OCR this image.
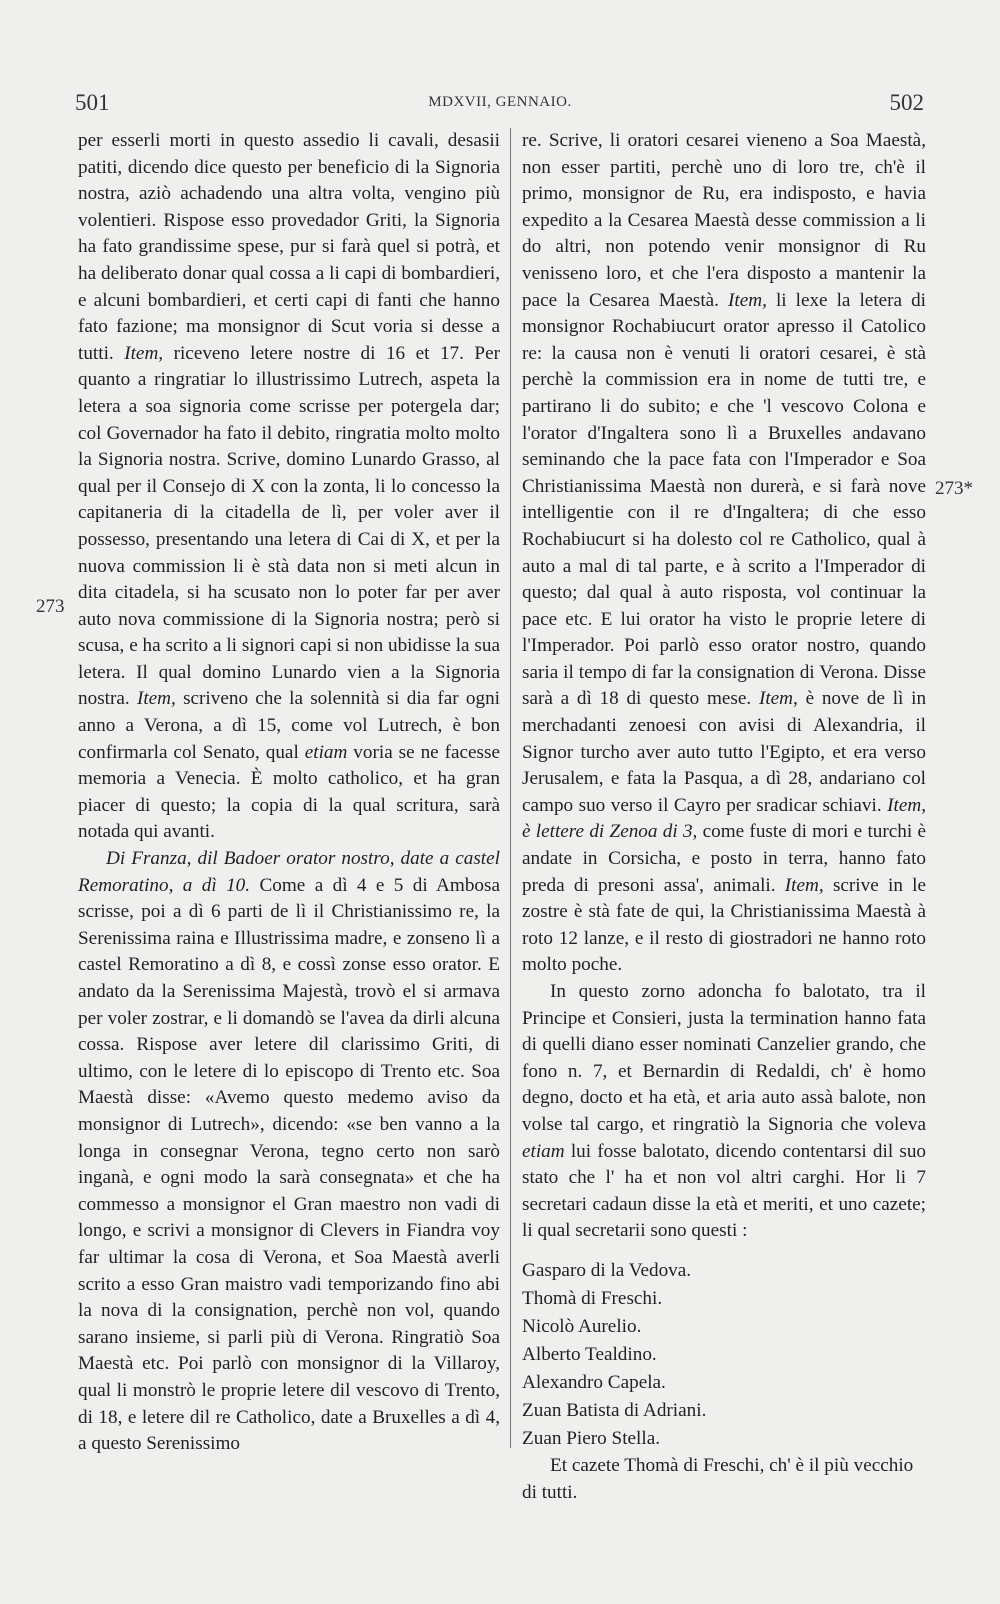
501	MDXVII, GENNAIO.	502
273
273*

per esserli morti in questo assedio li cavali, desasii patiti, dicendo dice questo per beneficio di la Signoria nostra, aziò achadendo una altra volta, vengino più volentieri. Rispose esso provedador Griti, la Signoria ha fato grandissime spese, pur si farà quel si potrà, et ha deliberato donar qual cossa a li capi di bombardieri, e alcuni bombardieri, et certi capi di fanti che hanno fato fazione; ma monsignor di Scut voria si desse a tutti. Item, riceveno letere nostre di 16 et 17. Per quanto a ringratiar lo illustrissimo Lutrech, aspeta la letera a soa signoria come scrisse per potergela dar; col Governador ha fato il debito, ringratia molto molto la Signoria nostra. Scrive, domino Lunardo Grasso, al qual per il Consejo di X con la zonta, li lo concesso la capitaneria di la citadella de lì, per voler aver il possesso, presentando una letera di Cai di X, et per la nuova commission li è stà data non si meti alcun in dita citadela, si ha scusato non lo poter far per aver auto nova commissione di la Signoria nostra; però si scusa, e ha scrito a li signori capi si non ubidisse la sua letera. Il qual domino Lunardo vien a la Signoria nostra. Item, scriveno che la solennità si dia far ogni anno a Verona, a dì 15, come vol Lutrech, è bon confirmarla col Senato, qual etiam voria se ne facesse memoria a Venecia. È molto catholico, et ha gran piacer di questo; la copia di la qual scritura, sarà notada qui avanti.

Di Franza, dil Badoer orator nostro, date a castel Remoratino, a dì 10. Come a dì 4 e 5 di Ambosa scrisse, poi a dì 6 parti de lì il Christianissimo re, la Serenissima raina e Illustrissima madre, e zonseno lì a castel Remoratino a dì 8, e cossì zonse esso orator. E andato da la Serenissima Majestà, trovò el si armava per voler zostrar, e li domandò se l'avea da dirli alcuna cossa. Rispose aver letere dil clarissimo Griti, di ultimo, con le letere di lo episcopo di Trento etc. Soa Maestà disse: «Avemo questo medemo aviso da monsignor di Lutrech», dicendo: «se ben vanno a la longa in consegnar Verona, tegno certo non sarò inganà, e ogni modo la sarà consegnata» et che ha commesso a monsignor el Gran maestro non vadi di longo, e scrivi a monsignor di Clevers in Fiandra voy far ultimar la cosa di Verona, et Soa Maestà averli scrito a esso Gran maistro vadi temporizando fino abi la nova di la consignation, perchè non vol, quando sarano insieme, si parli più di Verona. Ringratiò Soa Maestà etc. Poi parlò con monsignor di la Villaroy, qual li monstrò le proprie letere dil vescovo di Trento, di 18, e letere dil re Catholico, date a Bruxelles a dì 4, a questo Serenissimo

re. Scrive, li oratori cesarei vieneno a Soa Maestà, non esser partiti, perchè uno di loro tre, ch'è il primo, monsignor de Ru, era indisposto, e havia expedito a la Cesarea Maestà desse commission a li do altri, non potendo venir monsignor di Ru venisseno loro, et che l'era disposto a mantenir la pace la Cesarea Maestà. Item, li lexe la letera di monsignor Rochabiucurt orator apresso il Catolico re: la causa non è venuti li oratori cesarei, è stà perchè la commission era in nome de tutti tre, e partirano li do subito; e che 'l vescovo Colona e l'orator d'Ingaltera sono lì a Bruxelles andavano seminando che la pace fata con l'Imperador e Soa Christianissima Maestà non durerà, e si farà nove intelligentie con il re d'Ingaltera; di che esso Rochabiucurt si ha dolesto col re Catholico, qual à auto a mal di tal parte, e à scrito a l'Imperador di questo; dal qual à auto risposta, vol continuar la pace etc. E lui orator ha visto le proprie letere di l'Imperador. Poi parlò esso orator nostro, quando saria il tempo di far la consignation di Verona. Disse sarà a dì 18 di questo mese. Item, è nove de lì in merchadanti zenoesi con avisi di Alexandria, il Signor turcho aver auto tutto l'Egipto, et era verso Jerusalem, e fata la Pasqua, a dì 28, andariano col campo suo verso il Cayro per sradicar schiavi. Item, è lettere di Zenoa di 3, come fuste di mori e turchi è andate in Corsicha, e posto in terra, hanno fato preda di presoni assa', animali. Item, scrive in le zostre è stà fate de qui, la Christianissima Maestà à roto 12 lanze, e il resto di giostradori ne hanno roto molto poche.

In questo zorno adoncha fo balotato, tra il Principe et Consieri, justa la termination hanno fata di quelli diano esser nominati Canzelier grando, che fono n. 7, et Bernardin di Redaldi, ch' è homo degno, docto et ha età, et aria auto assà balote, non volse tal cargo, et ringratiò la Signoria che voleva etiam lui fosse balotato, dicendo contentarsi dil suo stato che l' ha et non vol altri carghi. Hor li 7 secretari cadaun disse la età et meriti, et uno cazete; li qual secretarii sono questi :

Gasparo di la Vedova.
Thomà di Freschi.
Nicolò Aurelio.
Alberto Tealdino.
Alexandro Capela.
Zuan Batista di Adriani.
Zuan Piero Stella.

Et cazete Thomà di Freschi, ch' è il più vecchio di tutti.
